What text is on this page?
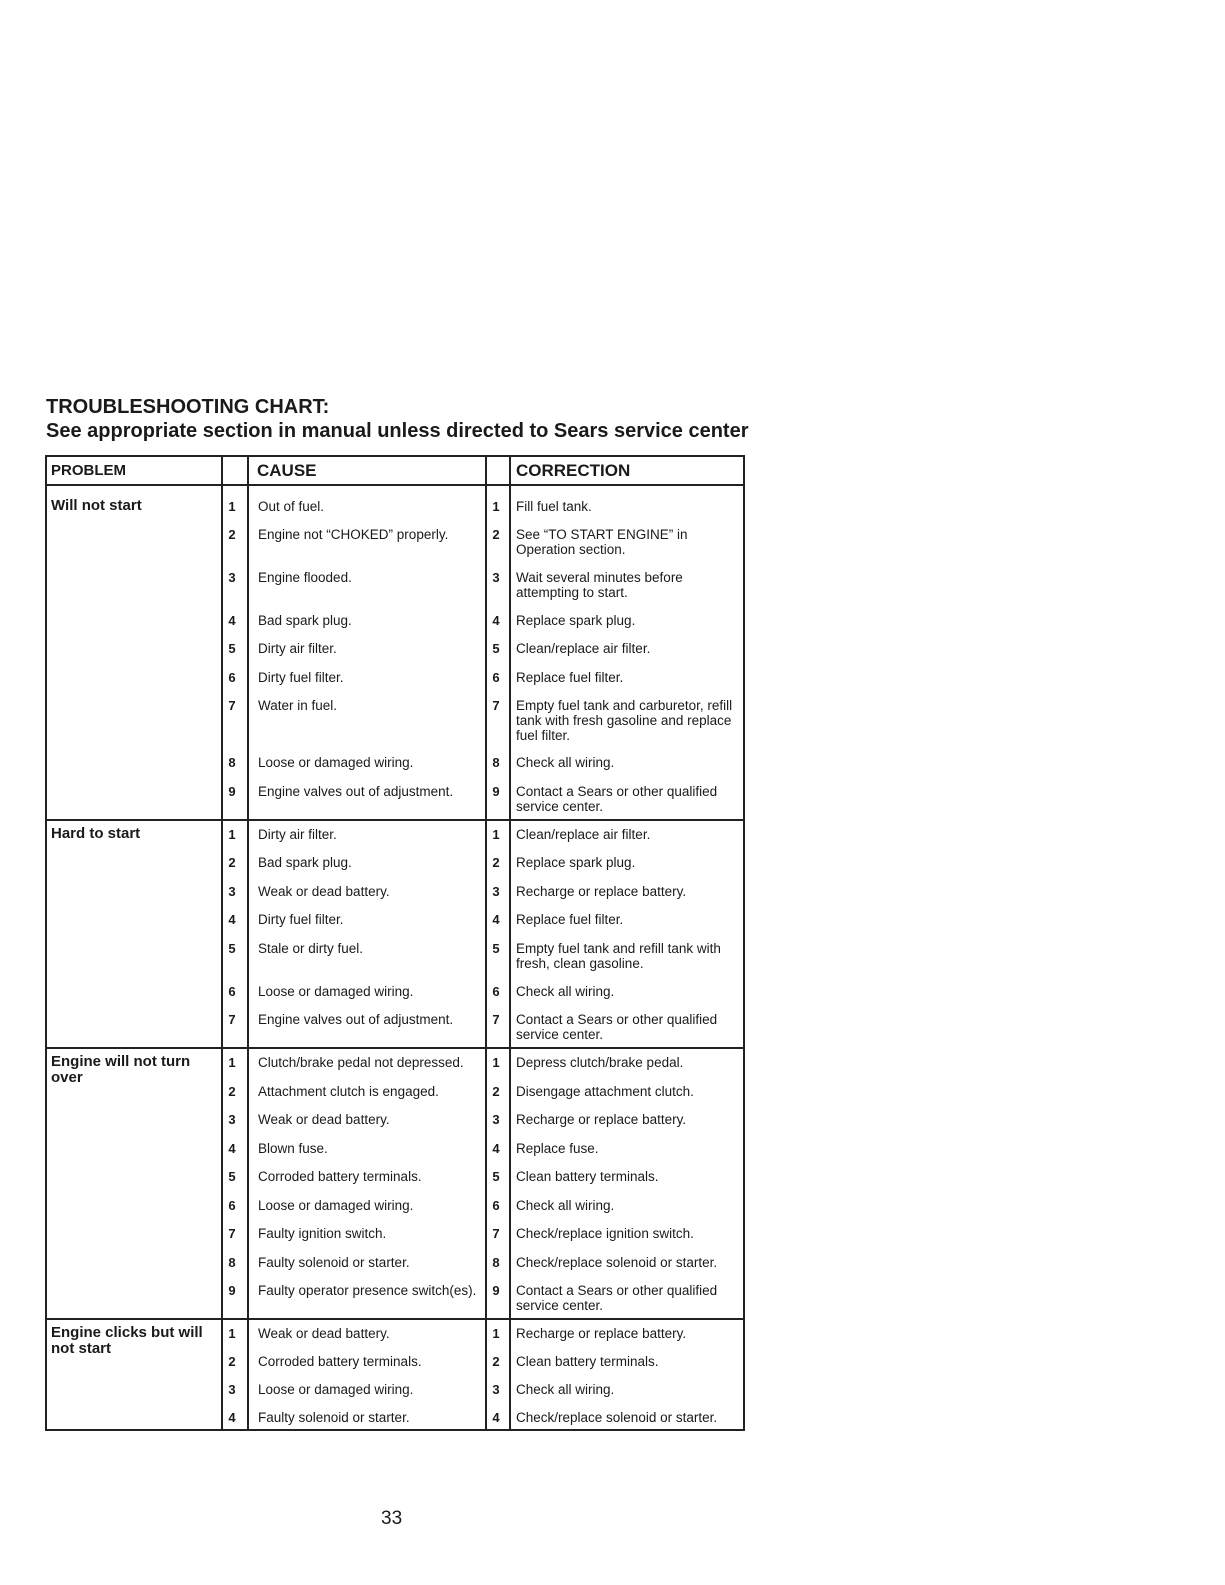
TROUBLESHOOTING CHART:
See appropriate section in manual unless directed to Sears service center
PROBLEM	CAUSE	CORRECTION
Will not start	1	Out of fuel.	1	Fill fuel tank.
2	Engine not “CHOKED” properly.	2	See “TO START ENGINE” in Operation section.
3	Engine flooded.	3	Wait several minutes before attempting to start.
4	Bad spark plug.	4	Replace spark plug.
5	Dirty air filter.	5	Clean/replace air filter.
6	Dirty fuel filter.	6	Replace fuel filter.
7	Water in fuel.	7	Empty fuel tank and carburetor, refill tank with fresh gasoline and replace fuel filter.
8	Loose or damaged wiring.	8	Check all wiring.
9	Engine valves out of adjustment.	9	Contact a Sears or other qualified service center.
Hard to start	1	Dirty air filter.	1	Clean/replace air filter.
2	Bad spark plug.	2	Replace spark plug.
3	Weak or dead battery.	3	Recharge or replace battery.
4	Dirty fuel filter.	4	Replace fuel filter.
5	Stale or dirty fuel.	5	Empty fuel tank and refill tank with fresh, clean gasoline.
6	Loose or damaged wiring.	6	Check all wiring.
7	Engine valves out of adjustment.	7	Contact a Sears or other qualified service center.
Engine will not turn over
1	Clutch/brake pedal not depressed.	1	Depress clutch/brake pedal.
2	Attachment clutch is engaged.	2	Disengage attachment clutch.
3	Weak or dead battery.	3	Recharge or replace battery.
4	Blown fuse.	4	Replace fuse.
5	Corroded battery terminals.	5	Clean battery terminals.
6	Loose or damaged wiring.	6	Check all wiring.
7	Faulty ignition switch.	7	Check/replace ignition switch.
8	Faulty solenoid or starter.	8	Check/replace solenoid or starter.
9	Faulty operator presence switch(es).	9	Contact a Sears or other qualified service center.
Engine clicks but will not start
1	Weak or dead battery.	1	Recharge or replace battery.
2	Corroded battery terminals.	2	Clean battery terminals.
3	Loose or damaged wiring.	3	Check all wiring.
4	Faulty solenoid or starter.	4	Check/replace solenoid or starter.
33
